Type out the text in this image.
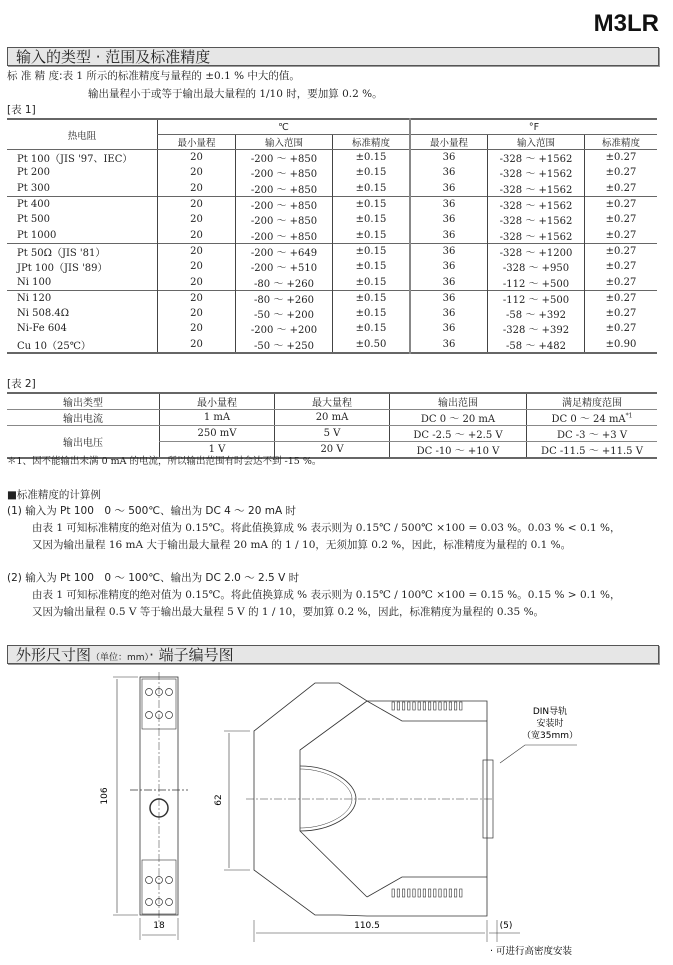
M3LR
输入的类型 · 范围及标准精度
标 准 精 度:表 1 所示的标准精度与量程的 ±0.1 % 中大的值。
输出量程小于或等于输出最大量程的 1/10 时，要加算 0.2 %。
[表 1]
热电阻	℃			°F		
	最小量程	输入范围	标准精度	最小量程	输入范围	标准精度
Pt 100（JIS '97、IEC）	20	-200 ～ +850	±0.15	36	-328 ～ +1562	±0.27
Pt 200	20	-200 ～ +850	±0.15	36	-328 ～ +1562	±0.27
Pt 300	20	-200 ～ +850	±0.15	36	-328 ～ +1562	±0.27
Pt 400	20	-200 ～ +850	±0.15	36	-328 ～ +1562	±0.27
Pt 500	20	-200 ～ +850	±0.15	36	-328 ～ +1562	±0.27
Pt 1000	20	-200 ～ +850	±0.15	36	-328 ～ +1562	±0.27
Pt 50Ω（JIS '81）	20	-200 ～ +649	±0.15	36	-328 ～ +1200	±0.27
JPt 100（JIS '89）	20	-200 ～ +510	±0.15	36	-328 ～ +950	±0.27
Ni 100	20	-80 ～ +260	±0.15	36	-112 ～ +500	±0.27
Ni 120	20	-80 ～ +260	±0.15	36	-112 ～ +500	±0.27
Ni 508.4Ω	20	-50 ～ +200	±0.15	36	-58 ～ +392	±0.27
Ni-Fe 604	20	-200 ～ +200	±0.15	36	-328 ～ +392	±0.27
Cu 10（25℃）	20	-50 ～ +250	±0.50	36	-58 ～ +482	±0.90
[表 2]
输出类型	最小量程	最大量程	输出范围	满足精度范围
输出电流	1 mA	20 mA	DC 0 ～ 20 mA	DC 0 ～ 24 $mA^{*1}$
输出电压	250 mV	5 V	DC -2.5 ～ +2.5 V	DC -3 ～ +3 V
	1 V	20 V	DC -10 ～ +10 V	DC -11.5 ～ +11.5 V
＊1、因不能输出未满 0 mA 的电流，所以输出范围有时会达不到 -15 %。
■标准精度的计算例
(1) 输入为 Pt 100　0 ～ 500℃、输出为 DC 4 ～ 20 mA 时
由表 1 可知标准精度的绝对值为 0.15℃。将此值换算成 % 表示则为 0.15℃ / 500℃ ×100 = 0.03 %。0.03 % < 0.1 %，
又因为输出量程 16 mA 大于输出最大量程 20 mA 的 1 / 10，无须加算 0.2 %，因此，标准精度为量程的 0.1 %。
(2) 输入为 Pt 100　0 ～ 100℃、输出为 DC 2.0 ～ 2.5 V 时
由表 1 可知标准精度的绝对值为 0.15℃。将此值换算成 % 表示则为 0.15℃ / 100℃ ×100 = 0.15 %。0.15 % > 0.1 %，
又因为输出量程 0.5 V 等于输出最大量程 5 V 的 1 / 10，要加算 0.2 %，因此，标准精度为量程的 0.35 %。
外形尺寸图（单位：mm）· 端子编号图
106
18
62
110.5	(5)
DIN导轨
安装时
（宽35mm）
· 可进行高密度安装
